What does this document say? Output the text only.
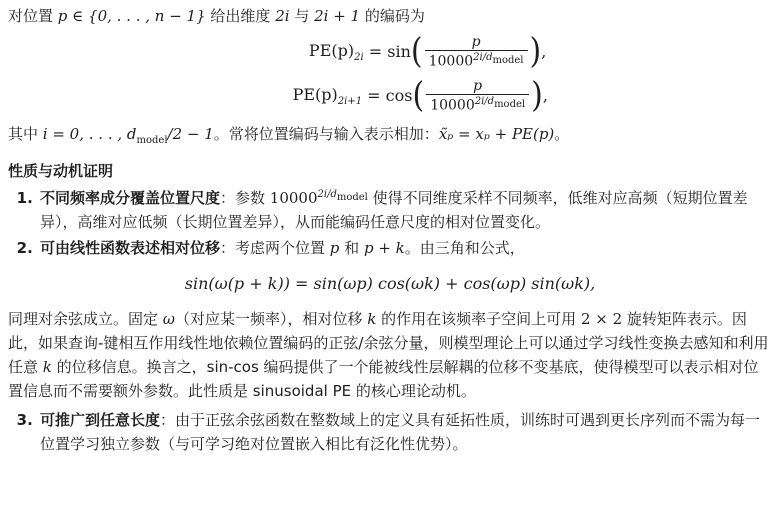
对位置 p ∈ {0, . . . , n − 1} 给出维度 2i 与 2i + 1 的编码为

$PE(p)_{2i} = \sin$ ( $\frac{p}{10000^{2i/d_{model}}}$ ) ,
$PE(p)_{2i+1} = \cos$ ( $\frac{p}{10000^{2i/d_{model}}}$ ) ,

其中 i = 0, . . . , $d_{model}/2 - 1$。常将位置编码与输入表示相加：x̃ₚ = xₚ + PE(p)。

性质与动机证明

1. 不同频率成分覆盖位置尺度：参数 $10000^{2i/d_{model}}$ 使得不同维度采样不同频率，低维对应高频（短期位置差异），高维对应低频（长期位置差异），从而能编码任意尺度的相对位置变化。
2. 可由线性函数表述相对位移：考虑两个位置 p 和 p + k。由三角和公式，

sin(ω(p + k)) = sin(ωp) cos(ωk) + cos(ωp) sin(ωk),

同理对余弦成立。固定 ω（对应某一频率），相对位移 k 的作用在该频率子空间上可用 2 × 2 旋转矩阵表示。因此，如果查询-键相互作用线性地依赖位置编码的正弦/余弦分量，则模型理论上可以通过学习线性变换去感知和利用任意 k 的位移信息。换言之，sin-cos 编码提供了一个能被线性层解耦的位移不变基底，使得模型可以表示相对位置信息而不需要额外参数。此性质是 sinusoidal PE 的核心理论动机。

3. 可推广到任意长度：由于正弦余弦函数在整数域上的定义具有延拓性质，训练时可遇到更长序列而不需为每一位置学习独立参数（与可学习绝对位置嵌入相比有泛化性优势）。
